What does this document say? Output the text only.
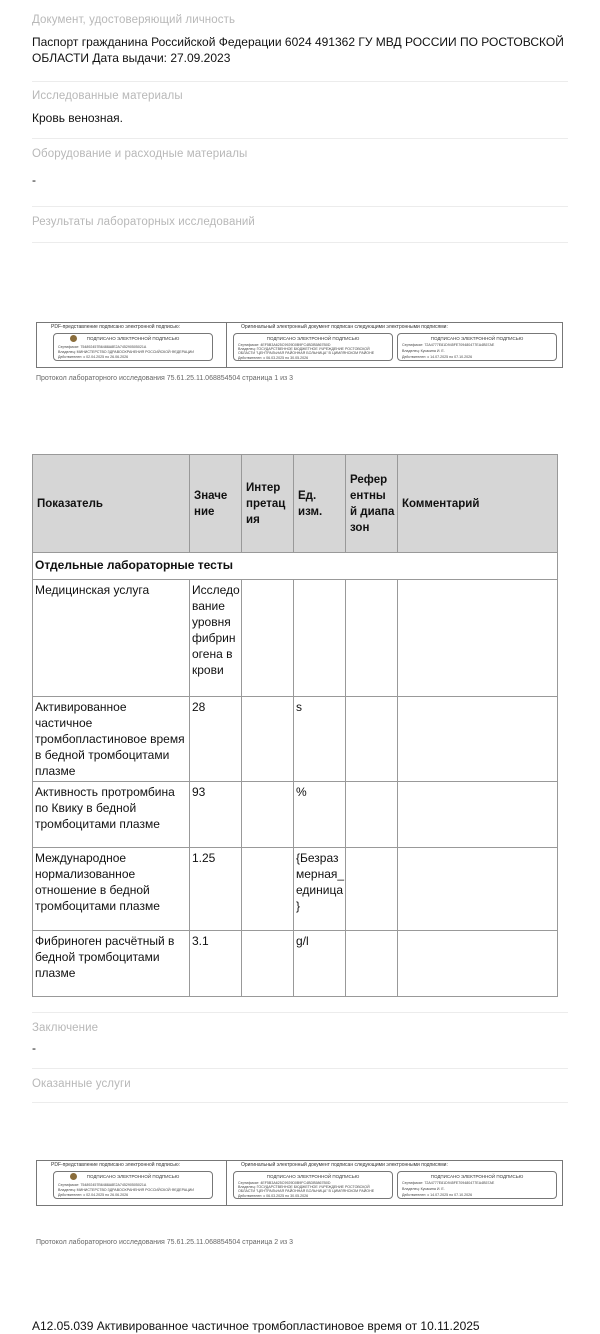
Документ, удостоверяющий личность
Паспорт гражданина Российской Федерации 6024 491362 ГУ МВД РОССИИ ПО РОСТОВСКОЙ
ОБЛАСТИ Дата выдачи: 27.09.2023
Исследованные материалы
Кровь венозная.
Оборудование и расходные материалы
-
Результаты лабораторных исследований
PDF-представление подписано электронной подписью:	Оригинальный электронный документ подписан следующими электронными подписями:
ПОДПИСАНО ЭЛЕКТРОННОЙ ПОДПИСЬЮ
Сертификат: 754892457B6488A8E2A745290505021A
Владелец: МИНИСТЕРСТВО ЗДРАВООХРАНЕНИЯ РОССИЙСКОЙ ФЕДЕРАЦИИ
Действителен: с 02.04.2025 по 26.06.2026
ПОДПИСАНО ЭЛЕКТРОННОЙ ПОДПИСЬЮ
Сертификат: 4EF5B3A625C9929D0B9FC4BDB5867B0D
Владелец: ГОСУДАРСТВЕННОЕ БЮДЖЕТНОЕ УЧРЕЖДЕНИЕ РОСТОВСКОЙ
ОБЛАСТИ "ЦЕНТРАЛЬНАЯ РАЙОННАЯ БОЛЬНИЦА" В ЦИМЛЯНСКОМ РАЙОНЕ
Действителен: с 06.03.2025 по 30.05.2026
ПОДПИСАНО ЭЛЕКТРОННОЙ ПОДПИСЬЮ
Сертификат: 72A4777E81D945FE709480477EA4B57AE
Владелец: Кусакина И. Е.
Действителен: с 14.07.2025 по 07.10.2026
Протокол лабораторного исследования 75.61.25.11.068854504 страница 1 из 3
Показатель	Значе ние	Интер претац ия	Ед. изм.	Рефер ентны й диапа зон	Комментарий
Отдельные лабораторные тесты					
Медицинская услуга	Исследо вание уровня фибрин огена в крови				
Активированное частичное тромбопластиновое время в бедной тромбоцитами плазме	28		s		
Активность протромбина по Квику в бедной тромбоцитами плазме	93		%		
Международное нормализованное отношение в бедной тромбоцитами плазме	1.25		{Безраз мерная_ единица }		
Фибриноген расчётный в бедной тромбоцитами плазме	3.1		g/l		
Заключение
-
Оказанные услуги
PDF-представление подписано электронной подписью:	Оригинальный электронный документ подписан следующими электронными подписями:
ПОДПИСАНО ЭЛЕКТРОННОЙ ПОДПИСЬЮ
Сертификат: 754892457B6488A8E2A745290505021A
Владелец: МИНИСТЕРСТВО ЗДРАВООХРАНЕНИЯ РОССИЙСКОЙ ФЕДЕРАЦИИ
Действителен: с 02.04.2025 по 26.06.2026
ПОДПИСАНО ЭЛЕКТРОННОЙ ПОДПИСЬЮ
Сертификат: 4EF5B3A625C9929D0B9FC4BDB5867B0D
Владелец: ГОСУДАРСТВЕННОЕ БЮДЖЕТНОЕ УЧРЕЖДЕНИЕ РОСТОВСКОЙ
ОБЛАСТИ "ЦЕНТРАЛЬНАЯ РАЙОННАЯ БОЛЬНИЦА" В ЦИМЛЯНСКОМ РАЙОНЕ
Действителен: с 06.03.2025 по 30.05.2026
ПОДПИСАНО ЭЛЕКТРОННОЙ ПОДПИСЬЮ
Сертификат: 72A4777E81D945FE709480477EA4B57AE
Владелец: Кусакина И. Е.
Действителен: с 14.07.2025 по 07.10.2026
Протокол лабораторного исследования 75.61.25.11.068854504 страница 2 из 3
A12.05.039 Активированное частичное тромбопластиновое время от 10.11.2025
